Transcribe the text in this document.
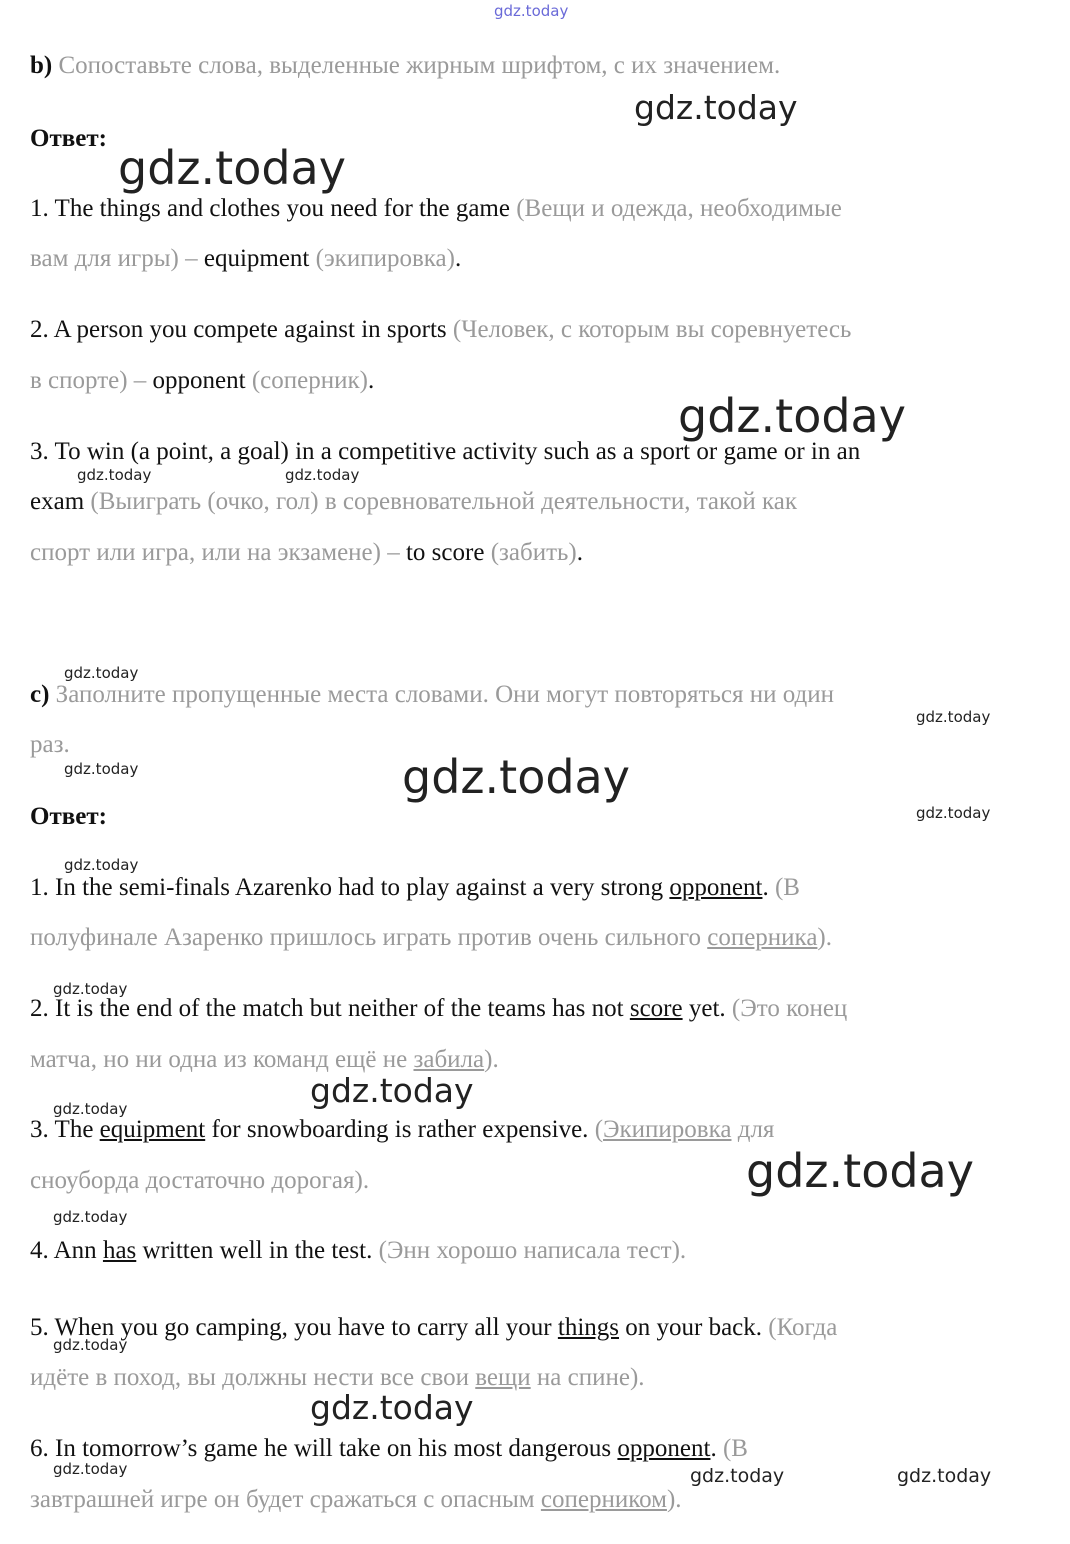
gdz.today
b) Сопоставьте слова, выделенные жирным шрифтом, с их значением.
gdz.today
Ответ:
gdz.today
1. The things and clothes you need for the game (Вещи и одежда, необходимые
вам для игры) – equipment (экипировка).
2. A person you compete against in sports (Человек, с которым вы соревнуетесь
в спорте) – opponent (соперник).
gdz.today
3. To win (a point, a goal) in a competitive activity such as a sport or game or in an
gdz.today	gdz.today
exam (Выиграть (очко, гол) в соревновательной деятельности, такой как
спорт или игра, или на экзамене) – to score (забить).
gdz.today
c) Заполните пропущенные места словами. Они могут повторяться ни один
gdz.today
раз.
gdz.today	gdz.today
Ответ:	gdz.today
gdz.today
1. In the semi-finals Azarenko had to play against a very strong opponent. (В
полуфинале Азаренко пришлось играть против очень сильного соперника).
gdz.today
2. It is the end of the match but neither of the teams has not score yet. (Это конец
матча, но ни одна из команд ещё не забила).
gdz.today
gdz.today
3. The equipment for snowboarding is rather expensive. (Экипировка для
gdz.today
сноуборда достаточно дорогая).
gdz.today
4. Ann has written well in the test. (Энн хорошо написала тест).
5. When you go camping, you have to carry all your things on your back. (Когда
gdz.today
идёте в поход, вы должны нести все свои вещи на спине).
gdz.today
6. In tomorrow’s game he will take on his most dangerous opponent. (В
gdz.today	gdz.today	gdz.today
завтрашней игре он будет сражаться с опасным соперником).
